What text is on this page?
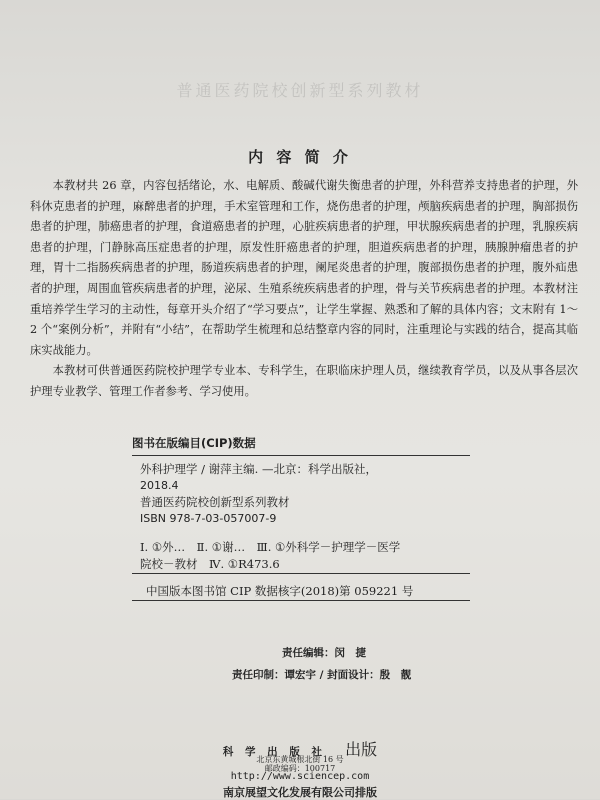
普通医药院校创新型系列教材
内 容 简 介

本教材共 26 章，内容包括绪论，水、电解质、酸碱代谢失衡患者的护理，外科营养支持患者的护理，外科休克患者的护理，麻醉患者的护理，手术室管理和工作，烧伤患者的护理，颅脑疾病患者的护理，胸部损伤患者的护理，肺癌患者的护理，食道癌患者的护理，心脏疾病患者的护理，甲状腺疾病患者的护理，乳腺疾病患者的护理，门静脉高压症患者的护理，原发性肝癌患者的护理，胆道疾病患者的护理，胰腺肿瘤患者的护理，胃十二指肠疾病患者的护理，肠道疾病患者的护理，阑尾炎患者的护理，腹部损伤患者的护理，腹外疝患者的护理，周围血管疾病患者的护理，泌尿、生殖系统疾病患者的护理，骨与关节疾病患者的护理。本教材注重培养学生学习的主动性，每章开头介绍了“学习要点”，让学生掌握、熟悉和了解的具体内容；文末附有 1～2 个“案例分析”，并附有“小结”，在帮助学生梳理和总结整章内容的同时，注重理论与实践的结合，提高其临床实战能力。

本教材可供普通医药院校护理学专业本、专科学生，在职临床护理人员，继续教育学员，以及从事各层次护理专业教学、管理工作者参考、学习使用。

图书在版编目(CIP)数据
外科护理学 / 谢萍主编. —北京：科学出版社，
2018.4
普通医药院校创新型系列教材
ISBN 978-7-03-057007-9
Ⅰ. ①外…　Ⅱ. ①谢…　Ⅲ. ①外科学－护理学－医学
院校－教材　Ⅳ. ①R473.6
中国版本图书馆 CIP 数据核字(2018)第 059221 号
责任编辑：闵　捷
责任印制：谭宏宇 / 封面设计：殷　靓
科 学 出 版 社 出版
北京东黄城根北街 16 号
邮政编码：100717
http://www.sciencep.com
南京展望文化发展有限公司排版
